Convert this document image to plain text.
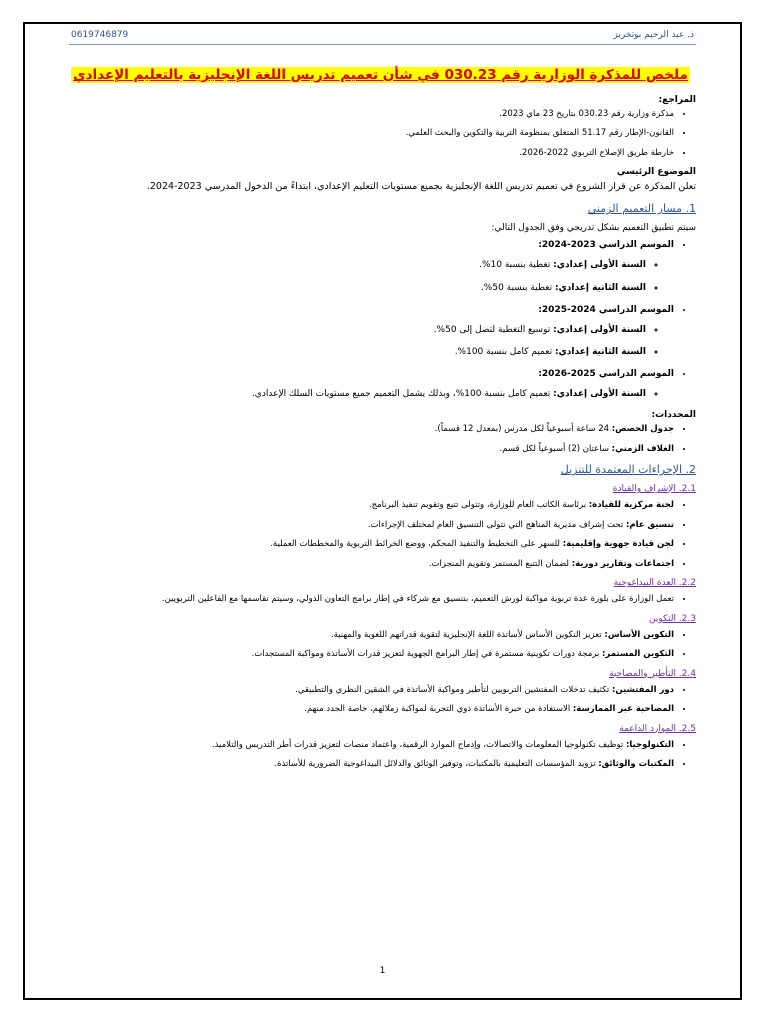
0619746879	ذ. عبد الرحيم بوتخريز
ملخص للمذكرة الوزارية رقم 030.23 في شأن تعميم تدريس اللغة الإنجليزية بالتعليم الإعدادي
المراجع:
• مذكرة وزارية رقم 030.23 بتاريخ 23 ماي 2023.
• القانون-الإطار رقم 51.17 المتعلق بمنظومة التربية والتكوين والبحث العلمي.
• خارطة طريق الإصلاح التربوي 2022-2026.
الموضوع الرئيسي
تعلن المذكرة عن قرار الشروع في تعميم تدريس اللغة الإنجليزية بجميع مستويات التعليم الإعدادي، ابتداءً من الدخول المدرسي 2023-2024.
1. مسار التعميم الزمني
سيتم تطبيق التعميم بشكل تدريجي وفق الجدول التالي:
• الموسم الدراسي 2023-2024:
◦ السنة الأولى إعدادي: تغطية بنسبة 10%.
◦ السنة الثانية إعدادي: تغطية بنسبة 50%.
• الموسم الدراسي 2024-2025:
◦ السنة الأولى إعدادي: توسيع التغطية لتصل إلى 50%.
◦ السنة الثانية إعدادي: تعميم كامل بنسبة 100%.
• الموسم الدراسي 2025-2026:
◦ السنة الأولى إعدادي: تعميم كامل بنسبة 100%، وبذلك يشمل التعميم جميع مستويات السلك الإعدادي.
المحددات:
• جدول الحصص: 24 ساعة أسبوعياً لكل مدرس (بمعدل 12 قسماً).
• الغلاف الزمني: ساعتان (2) أسبوعياً لكل قسم.
2. الإجراءات المعتمدة للتنزيل
2.1. الإشراف والقيادة
• لجنة مركزية للقيادة: برئاسة الكاتب العام للوزارة، وتتولى تتبع وتقويم تنفيذ البرنامج.
• تنسيق عام: تحت إشراف مديرية المناهج التي تتولى التنسيق العام لمختلف الإجراءات.
• لجن قيادة جهوية وإقليمية: للسهر على التخطيط والتنفيذ المحكم، ووضع الخرائط التربوية والمخططات العملية.
• اجتماعات وتقارير دورية: لضمان التتبع المستمر وتقويم المنجزات.
2.2. العدة البيداغوجية
• تعمل الوزارة على بلورة عدة تربوية مواكبة لورش التعميم، بتنسيق مع شركاء في إطار برامج التعاون الدولي، وسيتم تقاسمها مع الفاعلين التربويين.
2.3. التكوين
• التكوين الأساس: تعزيز التكوين الأساس لأساتذة اللغة الإنجليزية لتقوية قدراتهم اللغوية والمهنية.
• التكوين المستمر: برمجة دورات تكوينية مستمرة في إطار البرامج الجهوية لتعزيز قدرات الأساتذة ومواكبة المستجدات.
2.4. التأطير والمصاحبة
• دور المفتشين: تكثيف تدخلات المفتشين التربويين لتأطير ومواكبة الأساتذة في الشقين النظري والتطبيقي.
• المصاحبة عبر الممارسة: الاستفادة من خبرة الأساتذة ذوي التجربة لمواكبة زملائهم، خاصة الجدد منهم.
2.5. الموارد الداعمة
• التكنولوجيا: توظيف تكنولوجيا المعلومات والاتصالات، وإدماج الموارد الرقمية، واعتماد منصات لتعزيز قدرات أطر التدريس والتلاميذ.
• المكتبات والوثائق: تزويد المؤسسات التعليمية بالمكتبات، وتوفير الوثائق والدلائل البيداغوجية الضرورية للأساتذة.
1
